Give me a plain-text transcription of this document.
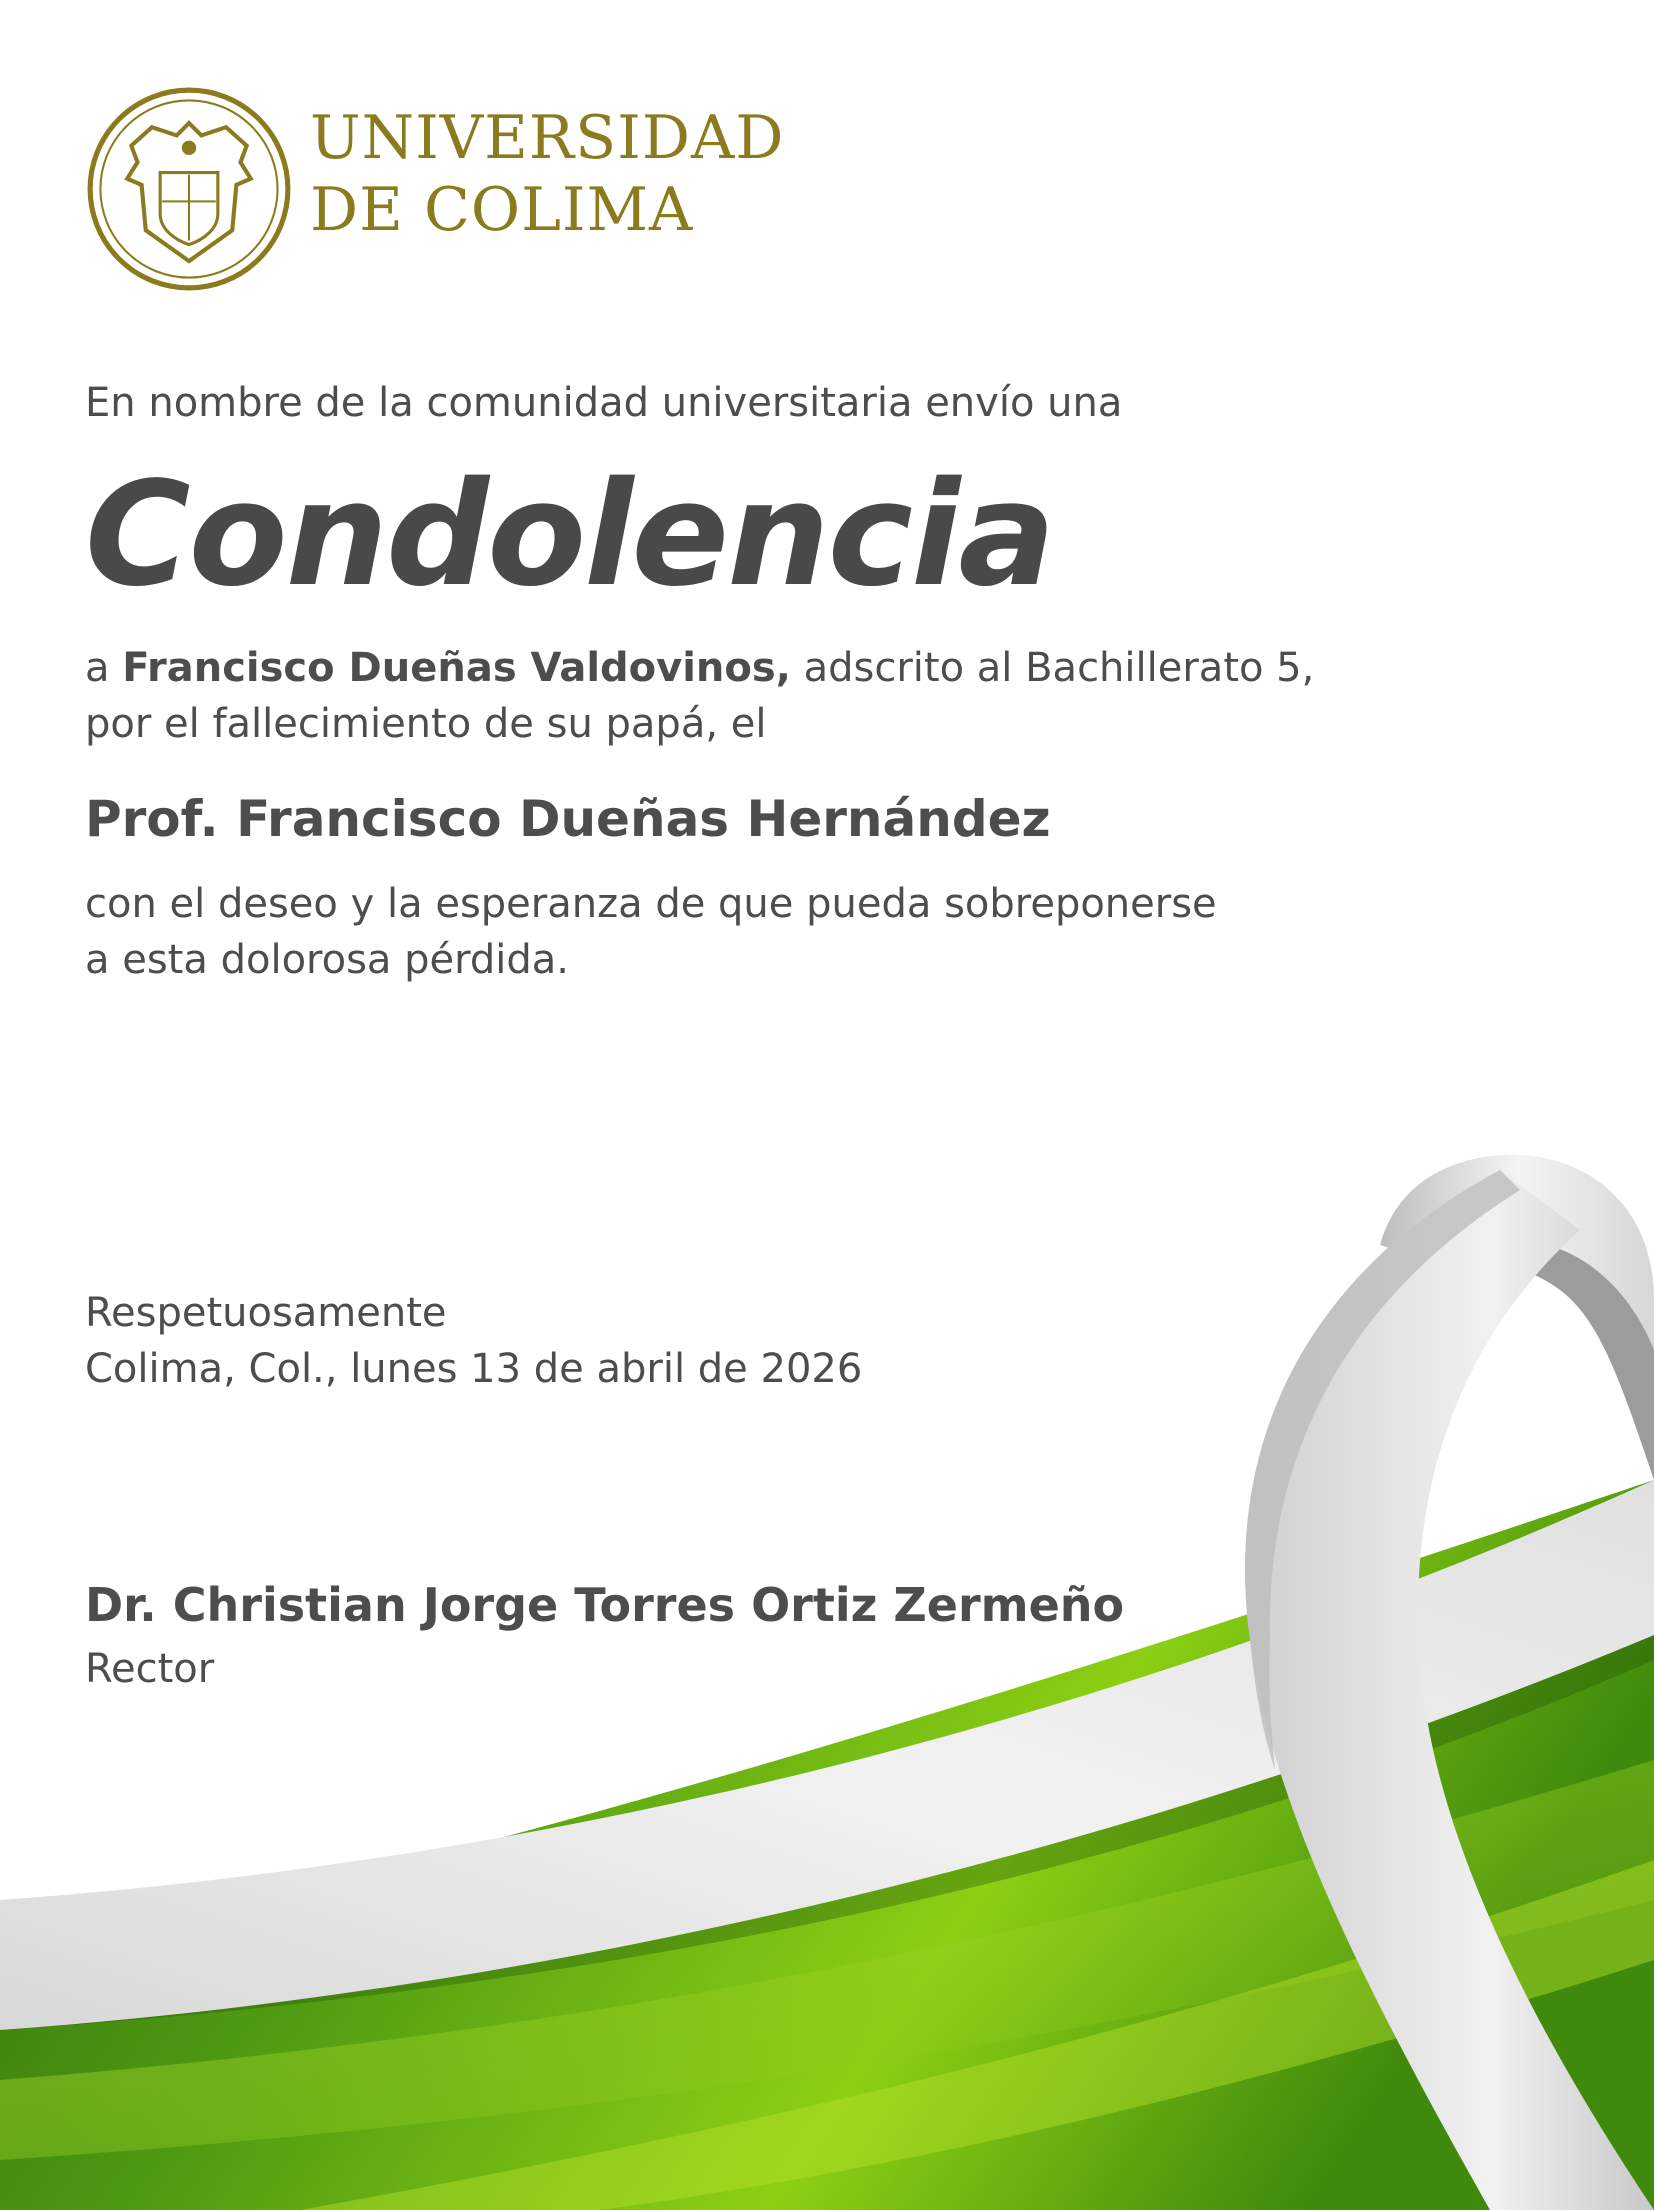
UNIVERSIDAD
DE COLIMA
En nombre de la comunidad universitaria envío una
Condolencia
a Francisco Dueñas Valdovinos, adscrito al Bachillerato 5,
por el fallecimiento de su papá, el
Prof. Francisco Dueñas Hernández
con el deseo y la esperanza de que pueda sobreponerse
a esta dolorosa pérdida.
Respetuosamente
Colima, Col., lunes 13 de abril de 2026
Dr. Christian Jorge Torres Ortiz Zermeño
Rector
